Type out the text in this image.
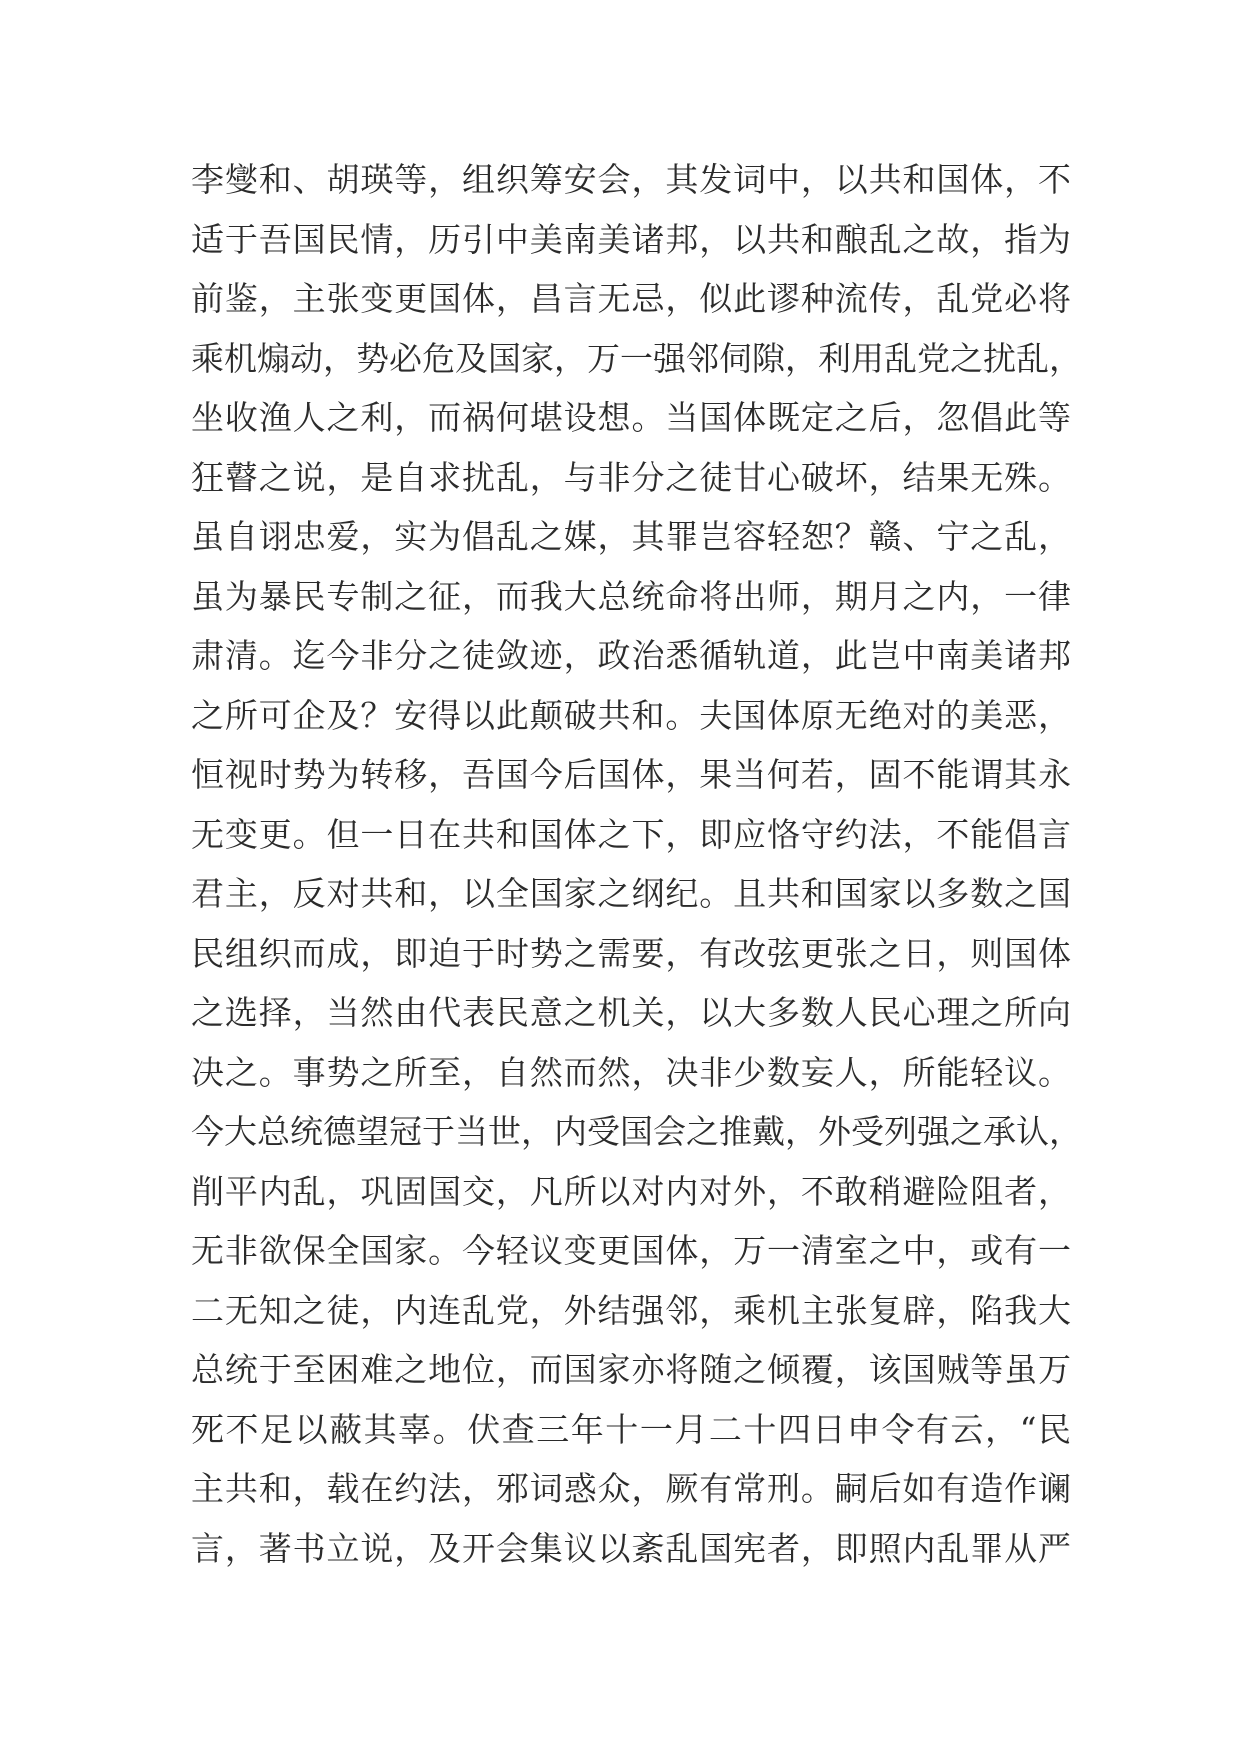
李燮和、胡瑛等，组织筹安会，其发词中，以共和国体，不
适于吾国民情，历引中美南美诸邦，以共和酿乱之故，指为
前鉴，主张变更国体，昌言无忌，似此谬种流传，乱党必将
乘机煽动，势必危及国家，万一强邻伺隙，利用乱党之扰乱，
坐收渔人之利，而祸何堪设想。当国体既定之后，忽倡此等
狂瞽之说，是自求扰乱，与非分之徒甘心破坏，结果无殊。
虽自诩忠爱，实为倡乱之媒，其罪岂容轻恕？赣、宁之乱，
虽为暴民专制之征，而我大总统命将出师，期月之内，一律
肃清。迄今非分之徒敛迹，政治悉循轨道，此岂中南美诸邦
之所可企及？安得以此颠破共和。夫国体原无绝对的美恶，
恒视时势为转移，吾国今后国体，果当何若，固不能谓其永
无变更。但一日在共和国体之下，即应恪守约法，不能倡言
君主，反对共和，以全国家之纲纪。且共和国家以多数之国
民组织而成，即迫于时势之需要，有改弦更张之日，则国体
之选择，当然由代表民意之机关，以大多数人民心理之所向
决之。事势之所至，自然而然，决非少数妄人，所能轻议。
今大总统德望冠于当世，内受国会之推戴，外受列强之承认，
削平内乱，巩固国交，凡所以对内对外，不敢稍避险阻者，
无非欲保全国家。今轻议变更国体，万一清室之中，或有一
二无知之徒，内连乱党，外结强邻，乘机主张复辟，陷我大
总统于至困难之地位，而国家亦将随之倾覆，该国贼等虽万
死不足以蔽其辜。伏查三年十一月二十四日申令有云，“民
主共和，载在约法，邪词惑众，厥有常刑。嗣后如有造作谰
言，著书立说，及开会集议以紊乱国宪者，即照内乱罪从严
